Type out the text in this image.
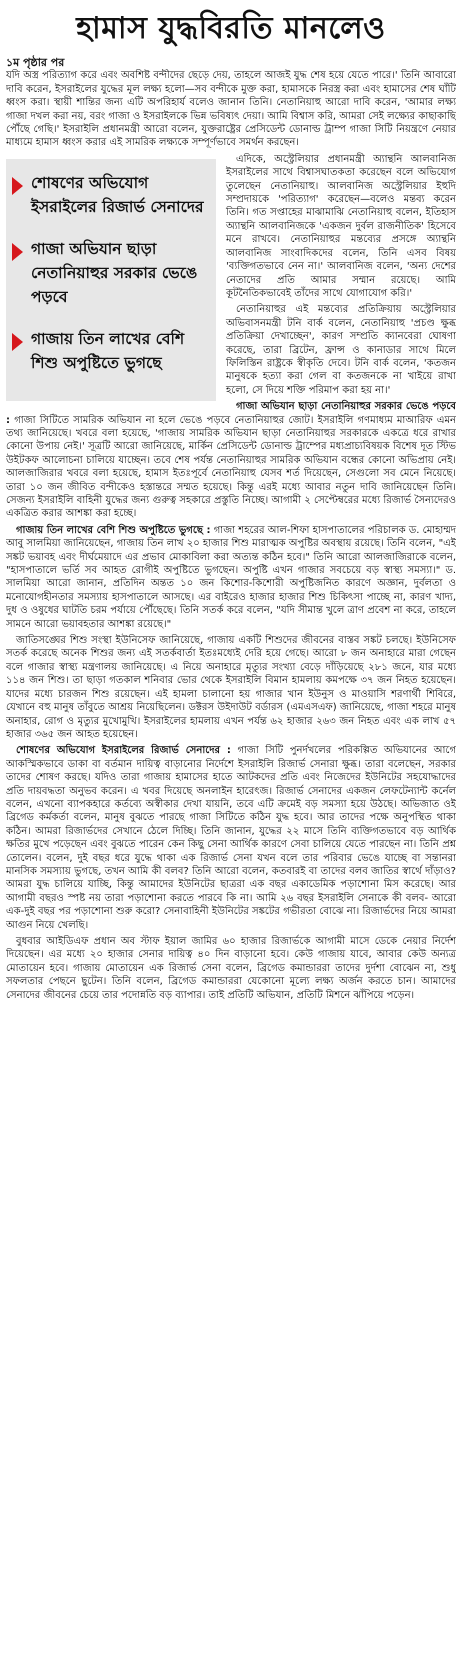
হামাস যুদ্ধবিরতি মানলেও
১ম পৃষ্ঠার পর

যদি অস্ত্র পরিত্যাগ করে এবং অবশিষ্ট বন্দীদের ছেড়ে দেয়, তাহলে আজই যুদ্ধ শেষ হয়ে যেতে পারে।' তিনি আবারো দাবি করেন, ইসরাইলের যুদ্ধের মূল লক্ষ্য হলো—সব বন্দীকে মুক্ত করা, হামাসকে নিরস্ত্র করা এবং হামাসের শেষ ঘাঁটি ধ্বংস করা। স্থায়ী শান্তির জন্য এটি অপরিহার্য বলেও জানান তিনি। নেতানিয়াহু আরো দাবি করেন, 'আমার লক্ষ্য গাজা দখল করা নয়, বরং গাজা ও ইসরাইলকে ভিন্ন ভবিষ্যৎ দেয়া। আমি বিশ্বাস করি, আমরা সেই লক্ষ্যের কাছাকাছি পৌঁছে গেছি।' ইসরাইলি প্রধানমন্ত্রী আরো বলেন, যুক্তরাষ্ট্রের প্রেসিডেন্ট ডোনাল্ড ট্রাম্প গাজা সিটি নিয়ন্ত্রণে নেয়ার মাধ্যমে হামাস ধ্বংস করার এই সামরিক লক্ষ্যকে সম্পূর্ণভাবে সমর্থন করছেন।

শোষণের অভিযোগ ইসরাইলের রিজার্ভ সেনাদের
গাজা অভিযান ছাড়া নেতানিয়াহুর সরকার ভেঙে পড়বে
গাজায় তিন লাখের বেশি শিশু অপুষ্টিতে ভুগছে

এদিকে, অস্ট্রেলিয়ার প্রধানমন্ত্রী অ্যান্থনি আলবানিজ ইসরাইলের সাথে বিশ্বাসঘাতকতা করেছেন বলে অভিযোগ তুলেছেন নেতানিয়াহু। আলবানিজ অস্ট্রেলিয়ার ইহুদি সম্প্রদায়কে 'পরিত্যাগ' করেছেন—বলেও মন্তব্য করেন তিনি। গত সপ্তাহের মাঝামাঝি নেতানিয়াহু বলেন, ইতিহাস অ্যান্থনি আলবানিজকে 'একজন দুর্বল রাজনীতিক' হিসেবে মনে রাখবে। নেতানিয়াহুর মন্তব্যের প্রসঙ্গে অ্যান্থনি আলবানিজ সাংবাদিকদের বলেন, তিনি এসব বিষয় 'ব্যক্তিগতভাবে নেন না।' আলবানিজ বলেন, 'অন্য দেশের নেতাদের প্রতি আমার সম্মান রয়েছে। আমি কূটনৈতিকভাবেই তাঁদের সাথে যোগাযোগ করি।'

নেতানিয়াহুর এই মন্তব্যের প্রতিক্রিয়ায় অস্ট্রেলিয়ার অভিবাসনমন্ত্রী টনি বার্ক বলেন, নেতানিয়াহু 'প্রচণ্ড ক্ষুব্ধ প্রতিক্রিয়া দেখাচ্ছেন', কারণ সম্প্রতি ক্যানবেরা ঘোষণা করেছে, তারা ব্রিটেন, ফ্রান্স ও কানাডার সাথে মিলে ফিলিস্তিন রাষ্ট্রকে স্বীকৃতি দেবে। টনি বার্ক বলেন, 'কতজন মানুষকে হত্যা করা গেল বা কতজনকে না খাইয়ে রাখা হলো, সে দিয়ে শক্তি পরিমাপ করা হয় না।'

গাজা অভিযান ছাড়া নেতানিয়াহুর সরকার ভেঙে পড়বে : গাজা সিটিতে সামরিক অভিযান না হলে ভেঙে পড়বে নেতানিয়াহুর জোট। ইসরাইলি গণমাধ্যম মাআরিফ এমন তথ্য জানিয়েছে। খবরে বলা হয়েছে, 'গাজায় সামরিক অভিযান ছাড়া নেতানিয়াহুর সরকারকে একত্রে ধরে রাখার কোনো উপায় নেই।' সূত্রটি আরো জানিয়েছে, মার্কিন প্রেসিডেন্ট ডোনাল্ড ট্রাম্পের মধ্যপ্রাচ্যবিষয়ক বিশেষ দূত স্টিভ উইটকফ আলোচনা চালিয়ে যাচ্ছেন। তবে শেষ পর্যন্ত নেতানিয়াহুর সামরিক অভিযান বন্ধের কোনো অভিপ্রায় নেই। আলজাজিরার খবরে বলা হয়েছে, হামাস ইতঃপূর্বে নেতানিয়াহু যেসব শর্ত দিয়েছেন, সেগুলো সব মেনে নিয়েছে। তারা ১০ জন জীবিত বন্দীকেও হস্তান্তরে সম্মত হয়েছে। কিন্তু এরই মধ্যে আবার নতুন দাবি জানিয়েছেন তিনি। সেজন্য ইসরাইলি বাহিনী যুদ্ধের জন্য গুরুত্ব সহকারে প্রস্তুতি নিচ্ছে। আগামী ২ সেপ্টেম্বরের মধ্যে রিজার্ভ সৈন্যদেরও একত্রিত করার আশঙ্কা করা হচ্ছে।

গাজায় তিন লাখের বেশি শিশু অপুষ্টিতে ভুগছে : গাজা শহরের আল-শিফা হাসপাতালের পরিচালক ড. মোহাম্মদ আবু সালমিয়া জানিয়েছেন, গাজায় তিন লাখ ২০ হাজার শিশু মারাত্মক অপুষ্টির অবস্থায় রয়েছে। তিনি বলেন, "এই সঙ্কট ভয়াবহ এবং দীর্ঘমেয়াদে এর প্রভাব মোকাবিলা করা অত্যন্ত কঠিন হবে।" তিনি আরো আলজাজিরাকে বলেন, "হাসপাতালে ভর্তি সব আহত রোগীই অপুষ্টিতে ভুগছেন। অপুষ্টি এখন গাজার সবচেয়ে বড় স্বাস্থ্য সমস্যা।" ড. সালমিয়া আরো জানান, প্রতিদিন অন্তত ১০ জন কিশোর-কিশোরী অপুষ্টিজনিত কারণে অজ্ঞান, দুর্বলতা ও মনোযোগহীনতার সমস্যায় হাসপাতালে আসছে। এর বাইরেও হাজার হাজার শিশু চিকিৎসা পাচ্ছে না, কারণ খাদ্য, দুধ ও ওষুধের ঘাটতি চরম পর্যায়ে পৌঁছেছে। তিনি সতর্ক করে বলেন, "যদি সীমান্ত খুলে ত্রাণ প্রবেশ না করে, তাহলে সামনে আরো ভয়াবহতার আশঙ্কা রয়েছে।"

জাতিসঙ্ঘের শিশু সংস্থা ইউনিসেফ জানিয়েছে, গাজায় একটি শিশুদের জীবনের বাস্তব সঙ্কট চলছে। ইউনিসেফ সতর্ক করেছে অনেক শিশুর জন্য এই সতর্কবার্তা ইতঃমধ্যেই দেরি হয়ে গেছে। আরো ৮ জন অনাহারে মারা গেছেন বলে গাজার স্বাস্থ্য মন্ত্রণালয় জানিয়েছে। এ নিয়ে অনাহারে মৃত্যুর সংখ্যা বেড়ে দাঁড়িয়েছে ২৮১ জনে, যার মধ্যে ১১৪ জন শিশু। তা ছাড়া গতকাল শনিবার ভোর থেকে ইসরাইলি বিমান হামলায় কমপক্ষে ৩৭ জন নিহত হয়েছেন। যাদের মধ্যে চারজন শিশু রয়েছেন। এই হামলা চালানো হয় গাজার খান ইউনুস ও মাওয়াসি শরণার্থী শিবিরে, যেখানে বহু মানুষ তাঁবুতে আশ্রয় নিয়েছিলেন। ডক্টরস উইদাউট বর্ডারস (এমএসএফ) জানিয়েছে, গাজা শহরে মানুষ অনাহার, রোগ ও মৃত্যুর মুখোমুখি। ইসরাইলের হামলায় এখন পর্যন্ত ৬২ হাজার ২৬৩ জন নিহত এবং এক লাখ ৫৭ হাজার ৩৬৫ জন আহত হয়েছেন।

শোষণের অভিযোগ ইসরাইলের রিজার্ভ সেনাদের : গাজা সিটি পুনর্দখলের পরিকল্পিত অভিযানের আগে আকস্মিকভাবে ডাকা বা বর্তমান দায়িত্ব বাড়ানোর নির্দেশে ইসরাইলি রিজার্ভ সেনারা ক্ষুব্ধ। তারা বলেছেন, সরকার তাদের শোষণ করছে। যদিও তারা গাজায় হামাসের হাতে আটকদের প্রতি এবং নিজেদের ইউনিটের সহযোদ্ধাদের প্রতি দায়বদ্ধতা অনুভব করেন। এ খবর দিয়েছে অনলাইন হারেৎজ। রিজার্ভ সেনাদের একজন লেফটেন্যান্ট কর্নেল বলেন, এখনো ব্যাপকহারে কর্তব্যে অস্বীকার দেখা যায়নি, তবে এটি ক্রমেই বড় সমস্যা হয়ে উঠছে। অভিজাত ওই ব্রিগেড কর্মকর্তা বলেন, মানুষ বুঝতে পারছে গাজা সিটিতে কঠিন যুদ্ধ হবে। আর তাদের পক্ষে অনুপস্থিত থাকা কঠিন। আমরা রিজার্ভদের সেখানে ঠেলে দিচ্ছি। তিনি জানান, যুদ্ধের ২২ মাসে তিনি ব্যক্তিগতভাবে বড় আর্থিক ক্ষতির মুখে পড়েছেন এবং বুঝতে পারেন কেন কিছু সেনা আর্থিক কারণে সেবা চালিয়ে যেতে পারছেন না। তিনি প্রশ্ন তোলেন। বলেন, দুই বছর ধরে যুদ্ধে থাকা এক রিজার্ভ সেনা যখন বলে তার পরিবার ভেঙে যাচ্ছে বা সন্তানরা মানসিক সমস্যায় ভুগছে, তখন আমি কী বলব? তিনি আরো বলেন, কতবারই বা তাদের বলব জাতির স্বার্থে দাঁড়াও? আমরা যুদ্ধ চালিয়ে যাচ্ছি, কিন্তু আমাদের ইউনিটের ছাত্ররা এক বছর একাডেমিক পড়াশোনা মিস করেছে। আর আগামী বছরও স্পষ্ট নয় তারা পড়াশোনা করতে পারবে কি না। আমি ২৬ বছর ইসরাইলি সেনাকে কী বলব- আরো এক-দুই বছর পর পড়াশোনা শুরু করো? সেনাবাহিনী ইউনিটের সঙ্কটের গভীরতা বোঝে না। রিজার্ভদের নিয়ে আমরা আগুন নিয়ে খেলছি।

বুধবার আইডিএফ প্রধান অব স্টাফ ইয়াল জামির ৬০ হাজার রিজার্ভকে আগামী মাসে ডেকে নেয়ার নির্দেশ দিয়েছেন। এর মধ্যে ২০ হাজার সেনার দায়িত্ব ৪০ দিন বাড়ানো হবে। কেউ গাজায় যাবে, আবার কেউ অন্যত্র মোতায়েন হবে। গাজায় মোতায়েন এক রিজার্ভ সেনা বলেন, ব্রিগেড কমান্ডাররা তাদের দুর্দশা বোঝেন না, শুধু সফলতার পেছনে ছুটেন। তিনি বলেন, ব্রিগেড কমান্ডাররা যেকোনো মূল্যে লক্ষ্য অর্জন করতে চান। আমাদের সেনাদের জীবনের চেয়ে তার পদোন্নতি বড় ব্যাপার। তাই প্রতিটি অভিযান, প্রতিটি মিশনে ঝাঁপিয়ে পড়েন।
